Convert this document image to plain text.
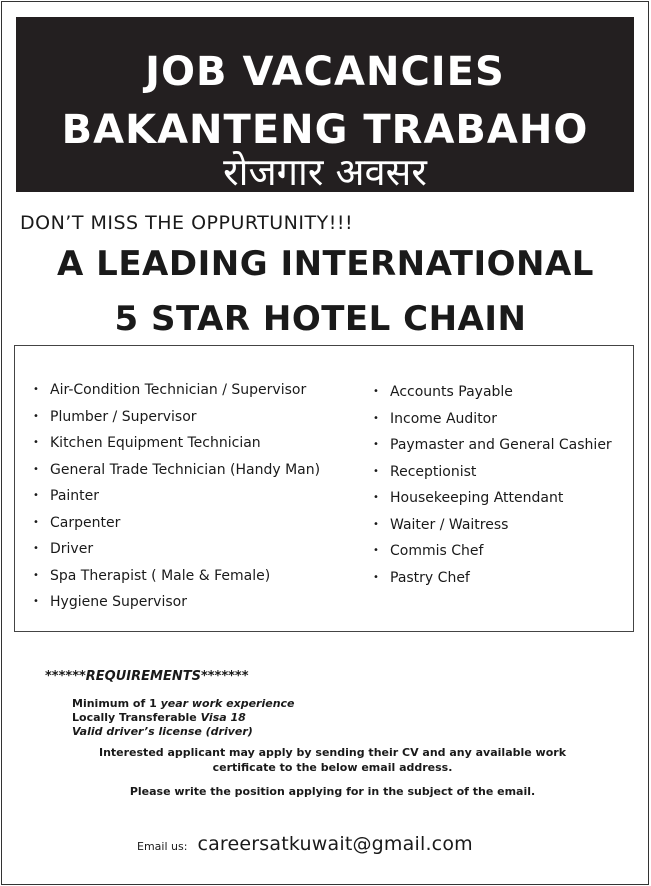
JOB VACANCIES
BAKANTENG TRABAHO
रोजगार अवसर
DON’T MISS THE OPPURTUNITY!!!
A LEADING INTERNATIONAL
5 STAR HOTEL CHAIN
• Air-Condition Technician / Supervisor
• Plumber / Supervisor
• Kitchen Equipment Technician
• General Trade Technician (Handy Man)
• Painter
• Carpenter
• Driver
• Spa Therapist ( Male & Female)
• Hygiene Supervisor
• Accounts Payable
• Income Auditor
• Paymaster and General Cashier
• Receptionist
• Housekeeping Attendant
• Waiter / Waitress
• Commis Chef
• Pastry Chef
******REQUIREMENTS*******
Minimum of 1 year work experience
Locally Transferable Visa 18
Valid driver’s license (driver)
Interested applicant may apply by sending their CV and any available work
certificate to the below email address.
Please write the position applying for in the subject of the email.
Email us: careersatkuwait@gmail.com
